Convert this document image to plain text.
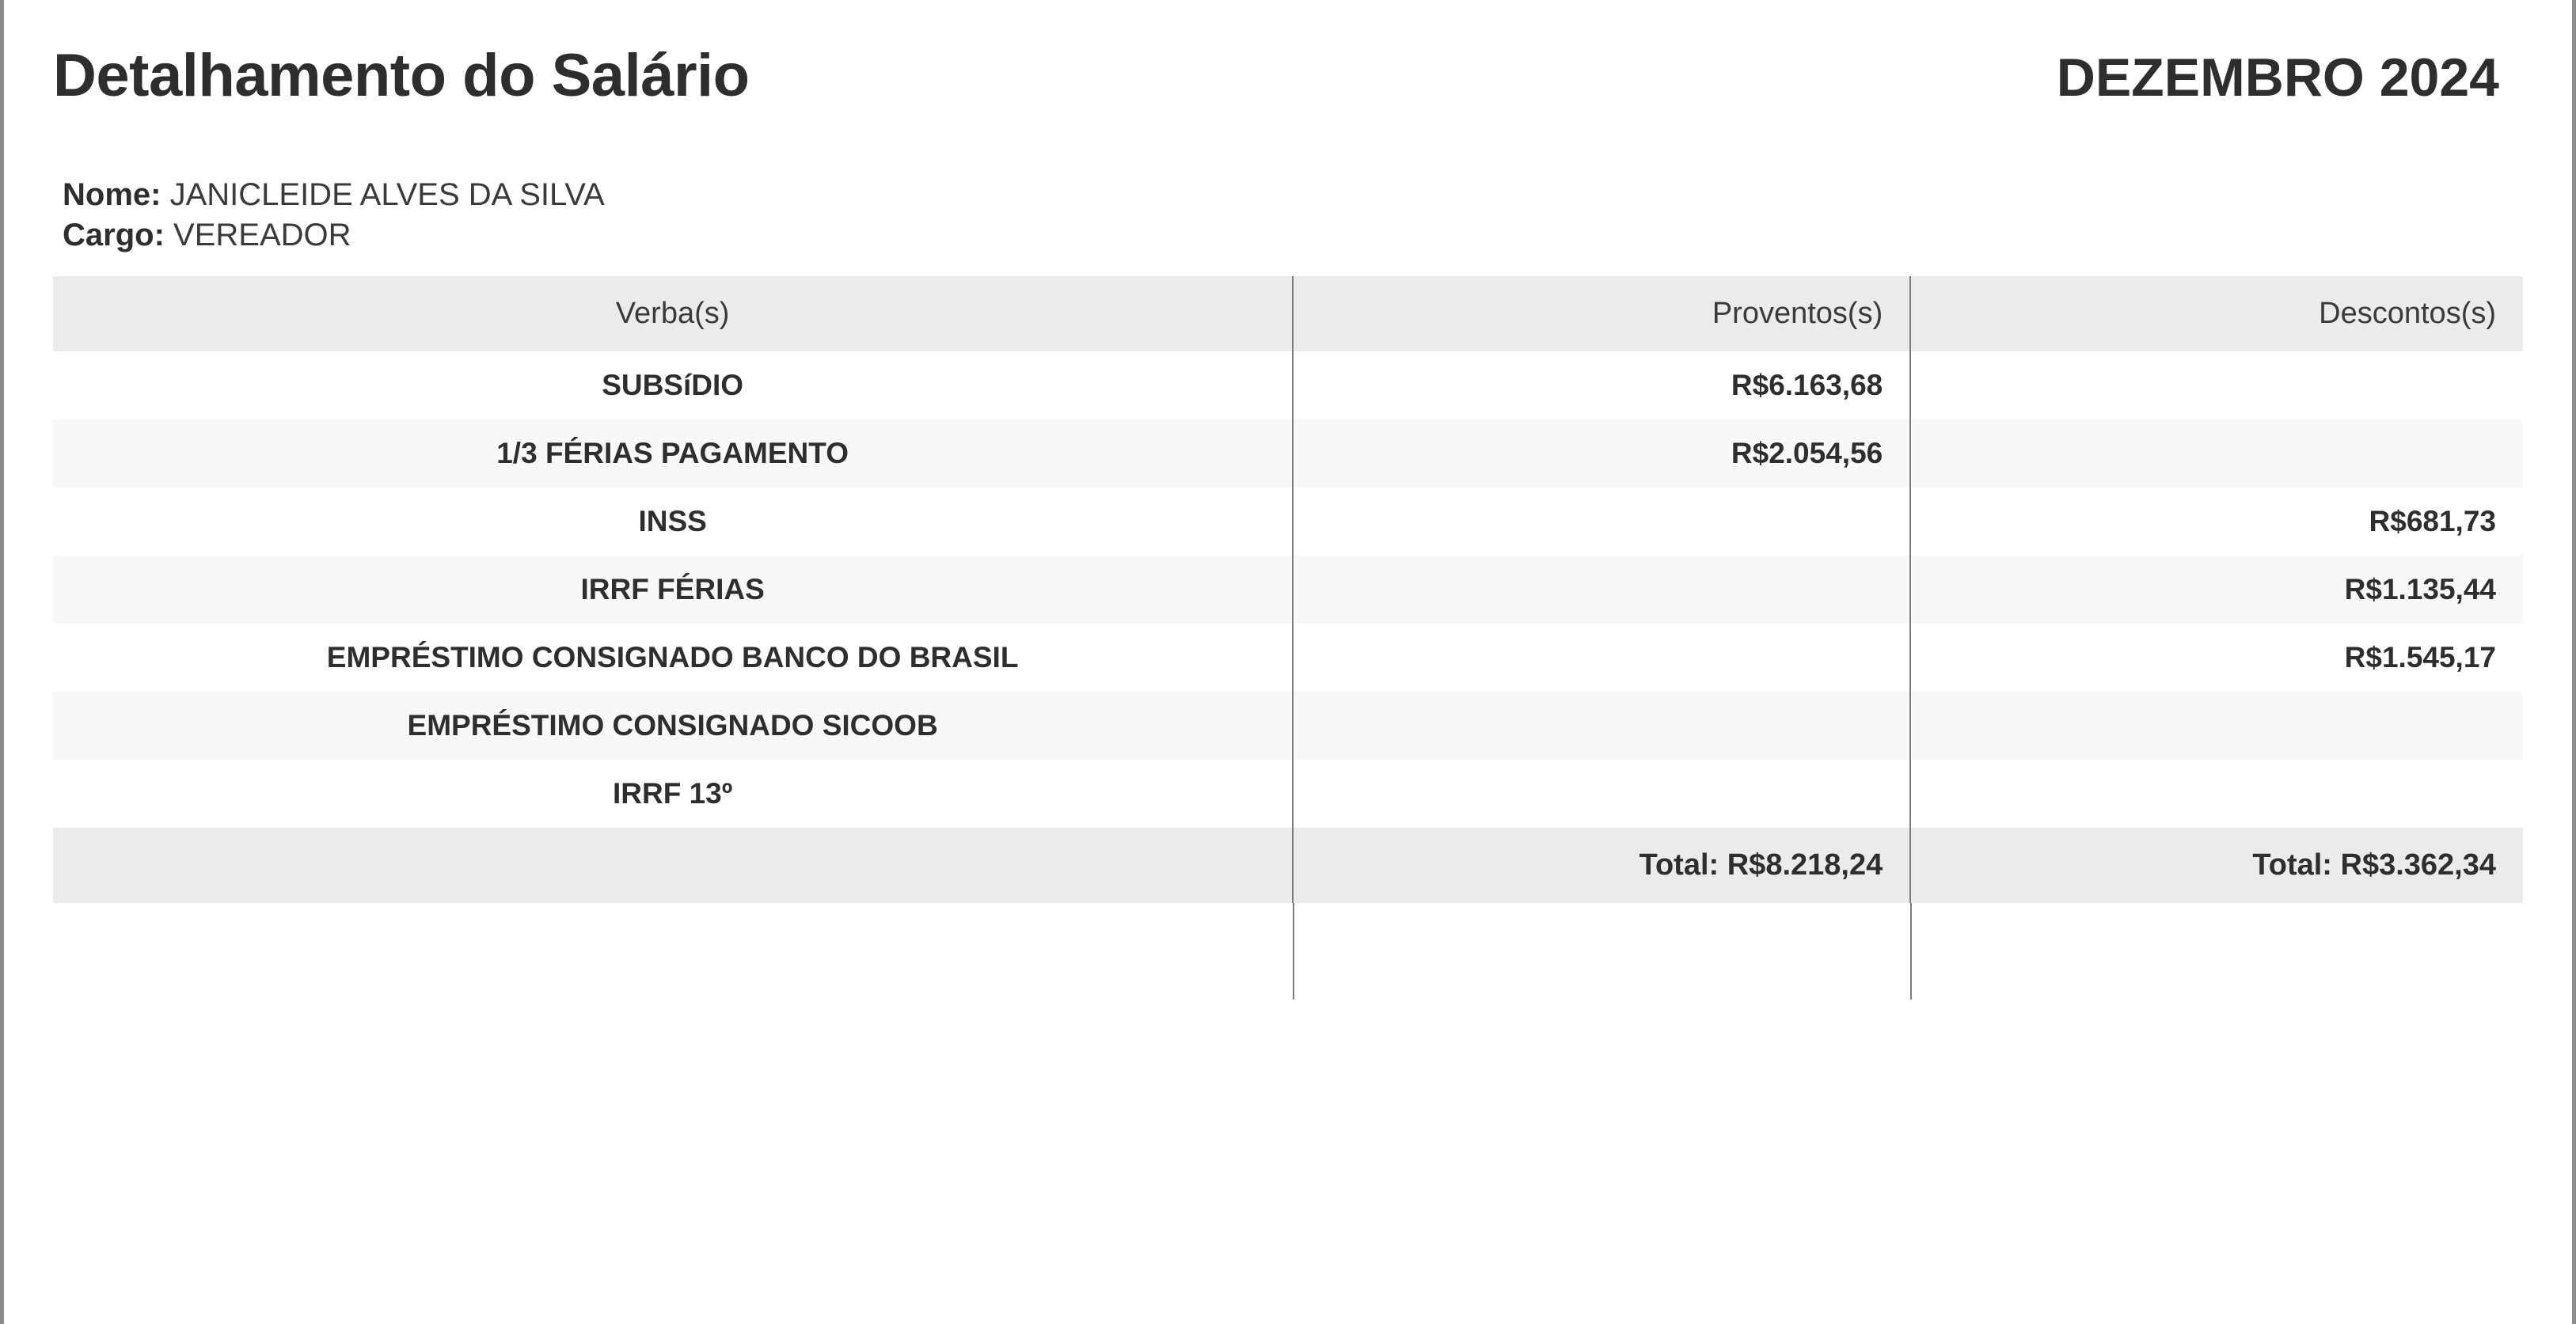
Detalhamento do Salário	DEZEMBRO 2024
Nome: JANICLEIDE ALVES DA SILVA
Cargo: VEREADOR
Verba(s)	Proventos(s)	Descontos(s)
SUBSíDIO	R$6.163,68	
1/3 FÉRIAS PAGAMENTO	R$2.054,56	
INSS		R$681,73
IRRF FÉRIAS		R$1.135,44
EMPRÉSTIMO CONSIGNADO BANCO DO BRASIL		R$1.545,17
EMPRÉSTIMO CONSIGNADO SICOOB		
IRRF 13º		
	Total: R$8.218,24	Total: R$3.362,34
